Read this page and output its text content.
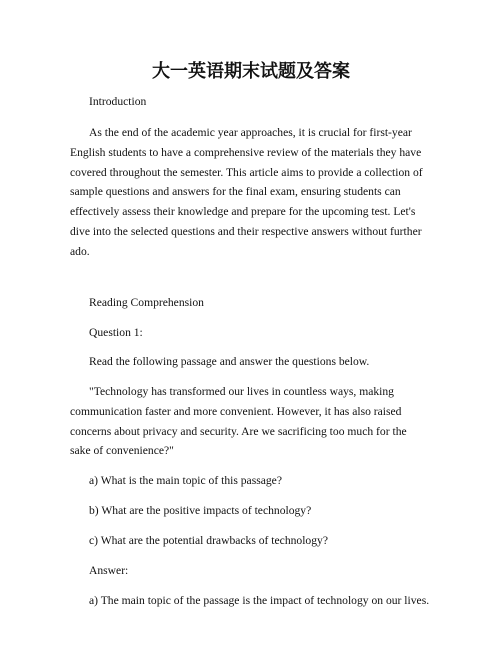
大一英语期末试题及答案

Introduction

As the end of the academic year approaches, it is crucial for first-year
English students to have a comprehensive review of the materials they have
covered throughout the semester. This article aims to provide a collection of
sample questions and answers for the final exam, ensuring students can
effectively assess their knowledge and prepare for the upcoming test. Let's
dive into the selected questions and their respective answers without further
ado.

Reading Comprehension

Question 1:

Read the following passage and answer the questions below.

"Technology has transformed our lives in countless ways, making
communication faster and more convenient. However, it has also raised
concerns about privacy and security. Are we sacrificing too much for the
sake of convenience?"

a) What is the main topic of this passage?

b) What are the positive impacts of technology?

c) What are the potential drawbacks of technology?

Answer:

a) The main topic of the passage is the impact of technology on our lives.
